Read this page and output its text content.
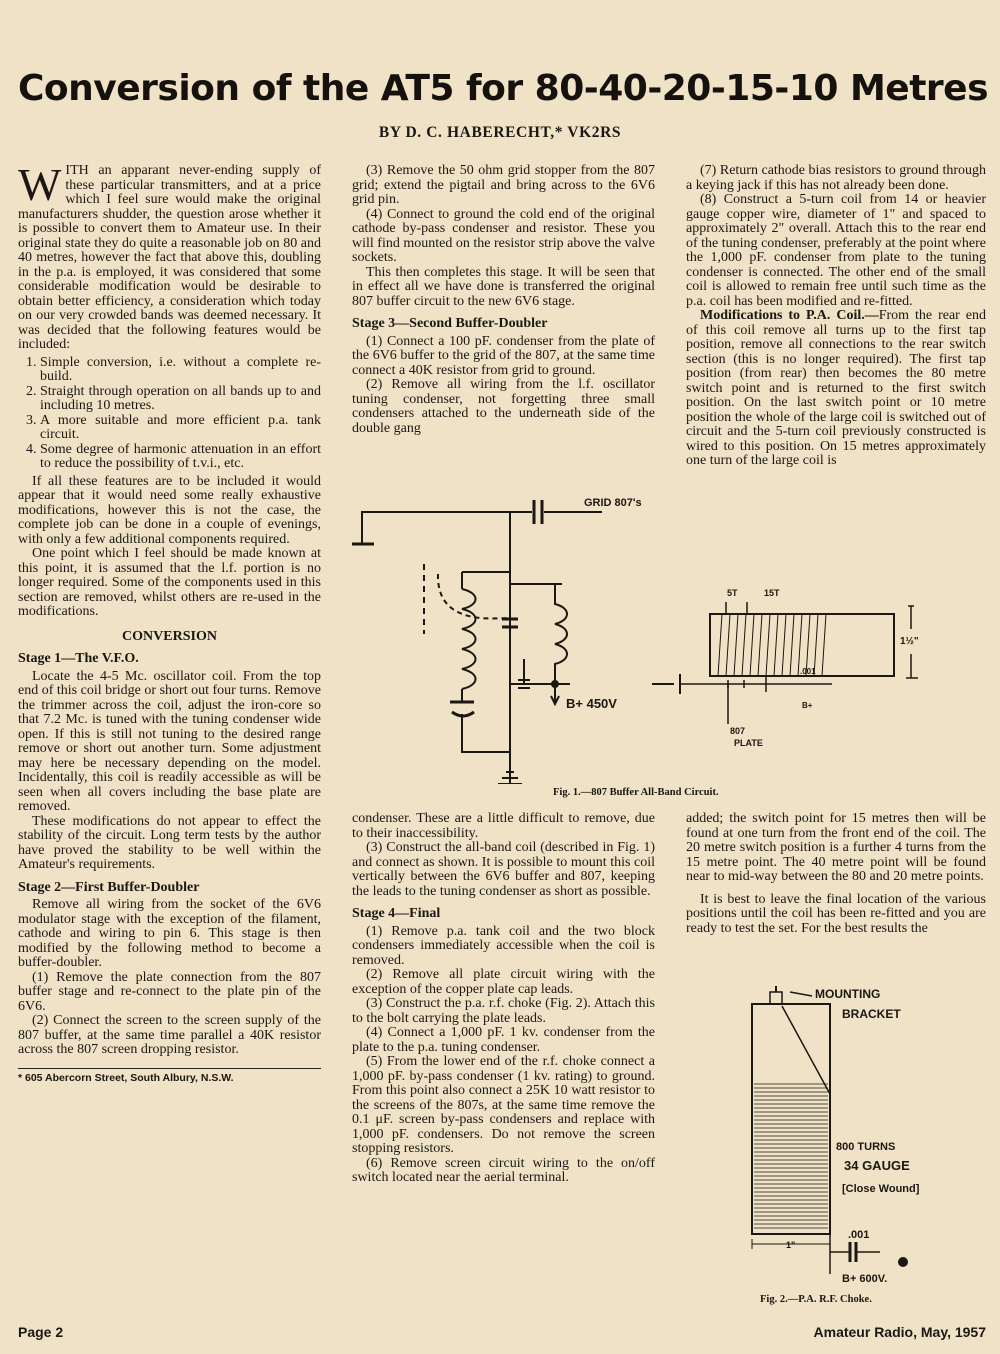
Conversion of the AT5 for 80-40-20-15-10 Metres
BY D. C. HABERECHT,* VK2RS

WITH an apparant never-ending supply of these particular transmitters, and at a price which I feel sure would make the original manufacturers shudder, the question arose whether it is possible to convert them to Amateur use. In their original state they do quite a reasonable job on 80 and 40 metres, however the fact that above this, doubling in the p.a. is employed, it was considered that some considerable modification would be desirable to obtain better efficiency, a consideration which today on our very crowded bands was deemed necessary. It was decided that the following features would be included:

1. Simple conversion, i.e. without a complete re-build.
2. Straight through operation on all bands up to and including 10 metres.
3. A more suitable and more efficient p.a. tank circuit.
4. Some degree of harmonic attenuation in an effort to reduce the possibility of t.v.i., etc.

If all these features are to be included it would appear that it would need some really exhaustive modifications, however this is not the case, the complete job can be done in a couple of evenings, with only a few additional components required.

One point which I feel should be made known at this point, it is assumed that the l.f. portion is no longer required. Some of the components used in this section are removed, whilst others are re-used in the modifications.

CONVERSION
Stage 1—The V.F.O.

Locate the 4-5 Mc. oscillator coil. From the top end of this coil bridge or short out four turns. Remove the trimmer across the coil, adjust the iron-core so that 7.2 Mc. is tuned with the tuning condenser wide open. If this is still not tuning to the desired range remove or short out another turn. Some adjustment may here be necessary depending on the model. Incidentally, this coil is readily accessible as will be seen when all covers including the base plate are removed.

These modifications do not appear to effect the stability of the circuit. Long term tests by the author have proved the stability to be well within the Amateur's requirements.

Stage 2—First Buffer-Doubler

Remove all wiring from the socket of the 6V6 modulator stage with the exception of the filament, cathode and wiring to pin 6. This stage is then modified by the following method to become a buffer-doubler.

(1) Remove the plate connection from the 807 buffer stage and re-connect to the plate pin of the 6V6.

(2) Connect the screen to the screen supply of the 807 buffer, at the same time parallel a 40K resistor across the 807 screen dropping resistor.

* 605 Abercorn Street, South Albury, N.S.W.

(3) Remove the 50 ohm grid stopper from the 807 grid; extend the pigtail and bring across to the 6V6 grid pin.

(4) Connect to ground the cold end of the original cathode by-pass condenser and resistor. These you will find mounted on the resistor strip above the valve sockets.

This then completes this stage. It will be seen that in effect all we have done is transferred the original 807 buffer circuit to the new 6V6 stage.

Stage 3—Second Buffer-Doubler

(1) Connect a 100 pF. condenser from the plate of the 6V6 buffer to the grid of the 807, at the same time connect a 40K resistor from grid to ground.

(2) Remove all wiring from the l.f. oscillator tuning condenser, not forgetting three small condensers attached to the underneath side of the double gang

(7) Return cathode bias resistors to ground through a keying jack if this has not already been done.

(8) Construct a 5-turn coil from 14 or heavier gauge copper wire, diameter of 1" and spaced to approximately 2" overall. Attach this to the rear end of the tuning condenser, preferably at the point where the 1,000 pF. condenser from plate to the tuning condenser is connected. The other end of the small coil is allowed to remain free until such time as the p.a. coil has been modified and re-fitted.

Modifications to P.A. Coil.—From the rear end of this coil remove all turns up to the first tap position, remove all connections to the rear switch section (this is no longer required). The first tap position (from rear) then becomes the 80 metre switch point and is returned to the first switch position. On the last switch point or 10 metre position the whole of the large coil is switched out of circuit and the 5-turn coil previously constructed is wired to this position. On 15 metres approximately one turn of the large coil is

GRID 807's
B+ 450V
5T	15T
1½"
807
PLATE
.001
B+
Fig. 1.—807 Buffer All-Band Circuit.

condenser. These are a little difficult to remove, due to their inaccessibility.

(3) Construct the all-band coil (described in Fig. 1) and connect as shown. It is possible to mount this coil vertically between the 6V6 buffer and 807, keeping the leads to the tuning condenser as short as possible.

Stage 4—Final

(1) Remove p.a. tank coil and the two block condensers immediately accessible when the coil is removed.

(2) Remove all plate circuit wiring with the exception of the copper plate cap leads.

(3) Construct the p.a. r.f. choke (Fig. 2). Attach this to the bolt carrying the plate leads.

(4) Connect a 1,000 pF. 1 kv. condenser from the plate to the p.a. tuning condenser.

(5) From the lower end of the r.f. choke connect a 1,000 pF. by-pass condenser (1 kv. rating) to ground. From this point also connect a 25K 10 watt resistor to the screens of the 807s, at the same time remove the 0.1 μF. screen by-pass condensers and replace with 1,000 pF. condensers. Do not remove the screen stopping resistors.

(6) Remove screen circuit wiring to the on/off switch located near the aerial terminal.

added; the switch point for 15 metres then will be found at one turn from the front end of the coil. The 20 metre switch position is a further 4 turns from the 15 metre point. The 40 metre point will be found near to mid-way between the 80 and 20 metre points.

It is best to leave the final location of the various positions until the coil has been re-fitted and you are ready to test the set. For the best results the

MOUNTING
BRACKET
800 TURNS
34 GAUGE
[Close Wound]
1"
.001
B+ 600V.
Fig. 2.—P.A. R.F. Choke.
Page 2	Amateur Radio, May, 1957
